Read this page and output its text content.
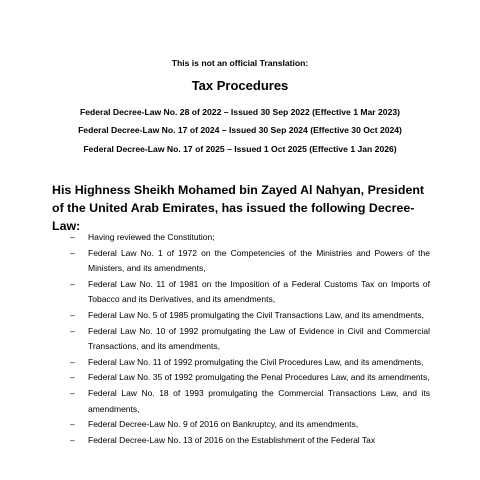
This is not an official Translation:
Tax Procedures
Federal Decree-Law No. 28 of 2022 – Issued 30 Sep 2022 (Effective 1 Mar 2023)
Federal Decree-Law No. 17 of 2024 – Issued 30 Sep 2024 (Effective 30 Oct 2024)
Federal Decree-Law No. 17 of 2025 – Issued 1 Oct 2025 (Effective 1 Jan 2026)
His Highness Sheikh Mohamed bin Zayed Al Nahyan, President of the United Arab Emirates, has issued the following Decree-Law:
– Having reviewed the Constitution;
– Federal Law No. 1 of 1972 on the Competencies of the Ministries and Powers of the Ministers, and its amendments,
– Federal Law No. 11 of 1981 on the Imposition of a Federal Customs Tax on Imports of Tobacco and its Derivatives, and its amendments,
– Federal Law No. 5 of 1985 promulgating the Civil Transactions Law, and its amendments,
– Federal Law No. 10 of 1992 promulgating the Law of Evidence in Civil and Commercial Transactions, and its amendments,
– Federal Law No. 11 of 1992 promulgating the Civil Procedures Law, and its amendments,
– Federal Law No. 35 of 1992 promulgating the Penal Procedures Law, and its amendments,
– Federal Law No. 18 of 1993 promulgating the Commercial Transactions Law, and its amendments,
– Federal Decree-Law No. 9 of 2016 on Bankruptcy, and its amendments,
– Federal Decree-Law No. 13 of 2016 on the Establishment of the Federal Tax
